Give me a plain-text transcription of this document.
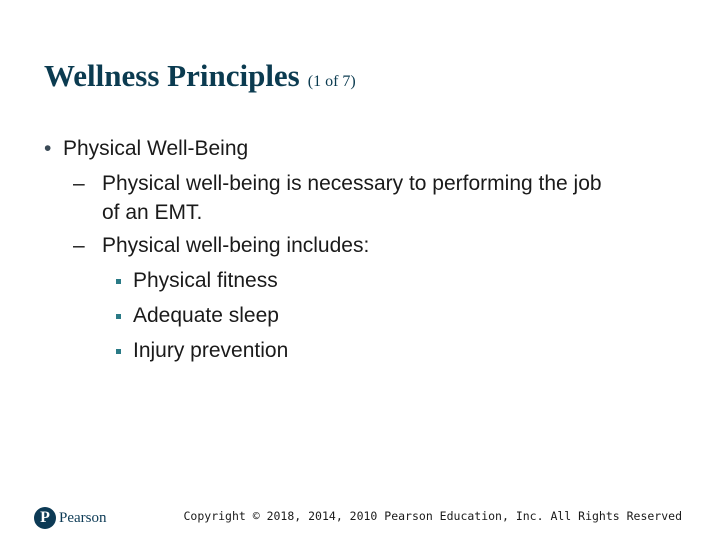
Wellness Principles (1 of 7)
• Physical Well-Being
– Physical well-being is necessary to performing the job
of an EMT.
– Physical well-being includes:
Physical fitness
Adequate sleep
Injury prevention
P Pearson	Copyright © 2018, 2014, 2010 Pearson Education, Inc. All Rights Reserved
